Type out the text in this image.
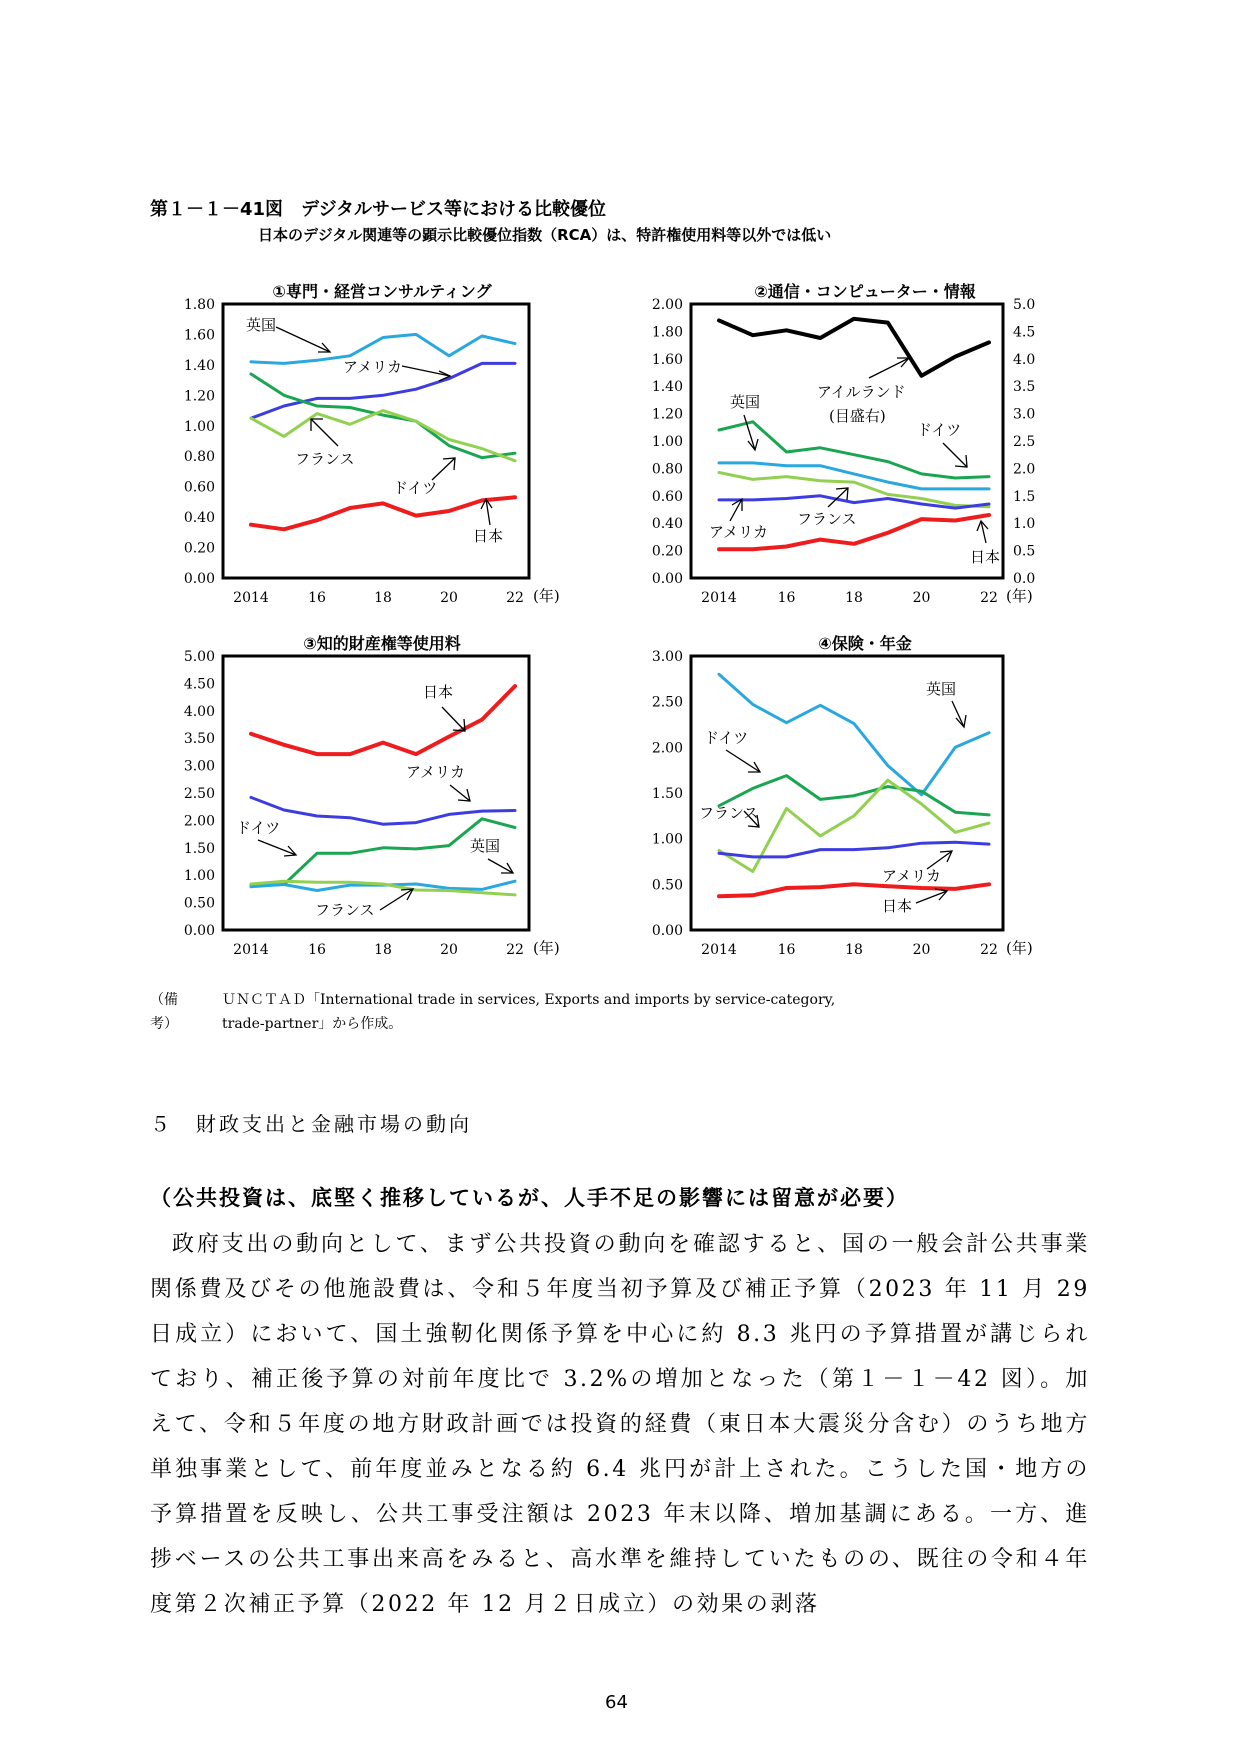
第１－１－41図　デジタルサービス等における比較優位
日本のデジタル関連等の顕示比較優位指数（RCA）は、特許権使用料等以外では低い
①専門・経営コンサルティング
1.80
1.60
1.40
1.20
1.00
0.80
0.60
0.40
0.20
0.00
2014	16	18	20	22 (年)
英国
アメリカ
フランス
ドイツ
日本
②通信・コンピューター・情報
2.00
1.80
1.60
1.40
1.20
1.00
0.80
0.60
0.40
0.20
0.00
5.0
4.5
4.0
3.5
3.0
2.5
2.0
1.5
1.0
0.5
0.0
2014	16	18	20	22 (年)
英国
アイルランド
(目盛右)
ドイツ
アメリカ
フランス
日本
③知的財産権等使用料
5.00
4.50
4.00
3.50
3.00
2.50
2.00
1.50
1.00
0.50
0.00
2014	16	18	20	22 (年)
日本
アメリカ
ドイツ
英国
フランス
④保険・年金
3.00
2.50
2.00
1.50
1.00
0.50
0.00
2014	16	18	20	22 (年)
英国
ドイツ
フランス
アメリカ
日本
（備考）
ＵＮＣＴＡＤ「International trade in services, Exports and imports by service-category,
trade-partner」から作成。
５　財政支出と金融市場の動向
（公共投資は、底堅く推移しているが、人手不足の影響には留意が必要）

政府支出の動向として、まず公共投資の動向を確認すると、国の一般会計公共事業関係費及びその他施設費は、令和５年度当初予算及び補正予算（2023 年 11 月 29 日成立）において、国土強靭化関係予算を中心に約 8.3 兆円の予算措置が講じられており、補正後予算の対前年度比で 3.2%の増加となった（第１－１－42 図）。加えて、令和５年度の地方財政計画では投資的経費（東日本大震災分含む）のうち地方単独事業として、前年度並みとなる約 6.4 兆円が計上された。こうした国・地方の予算措置を反映し、公共工事受注額は 2023 年末以降、増加基調にある。一方、進捗ベースの公共工事出来高をみると、高水準を維持していたものの、既往の令和４年度第２次補正予算（2022 年 12 月２日成立）の効果の剥落

64
